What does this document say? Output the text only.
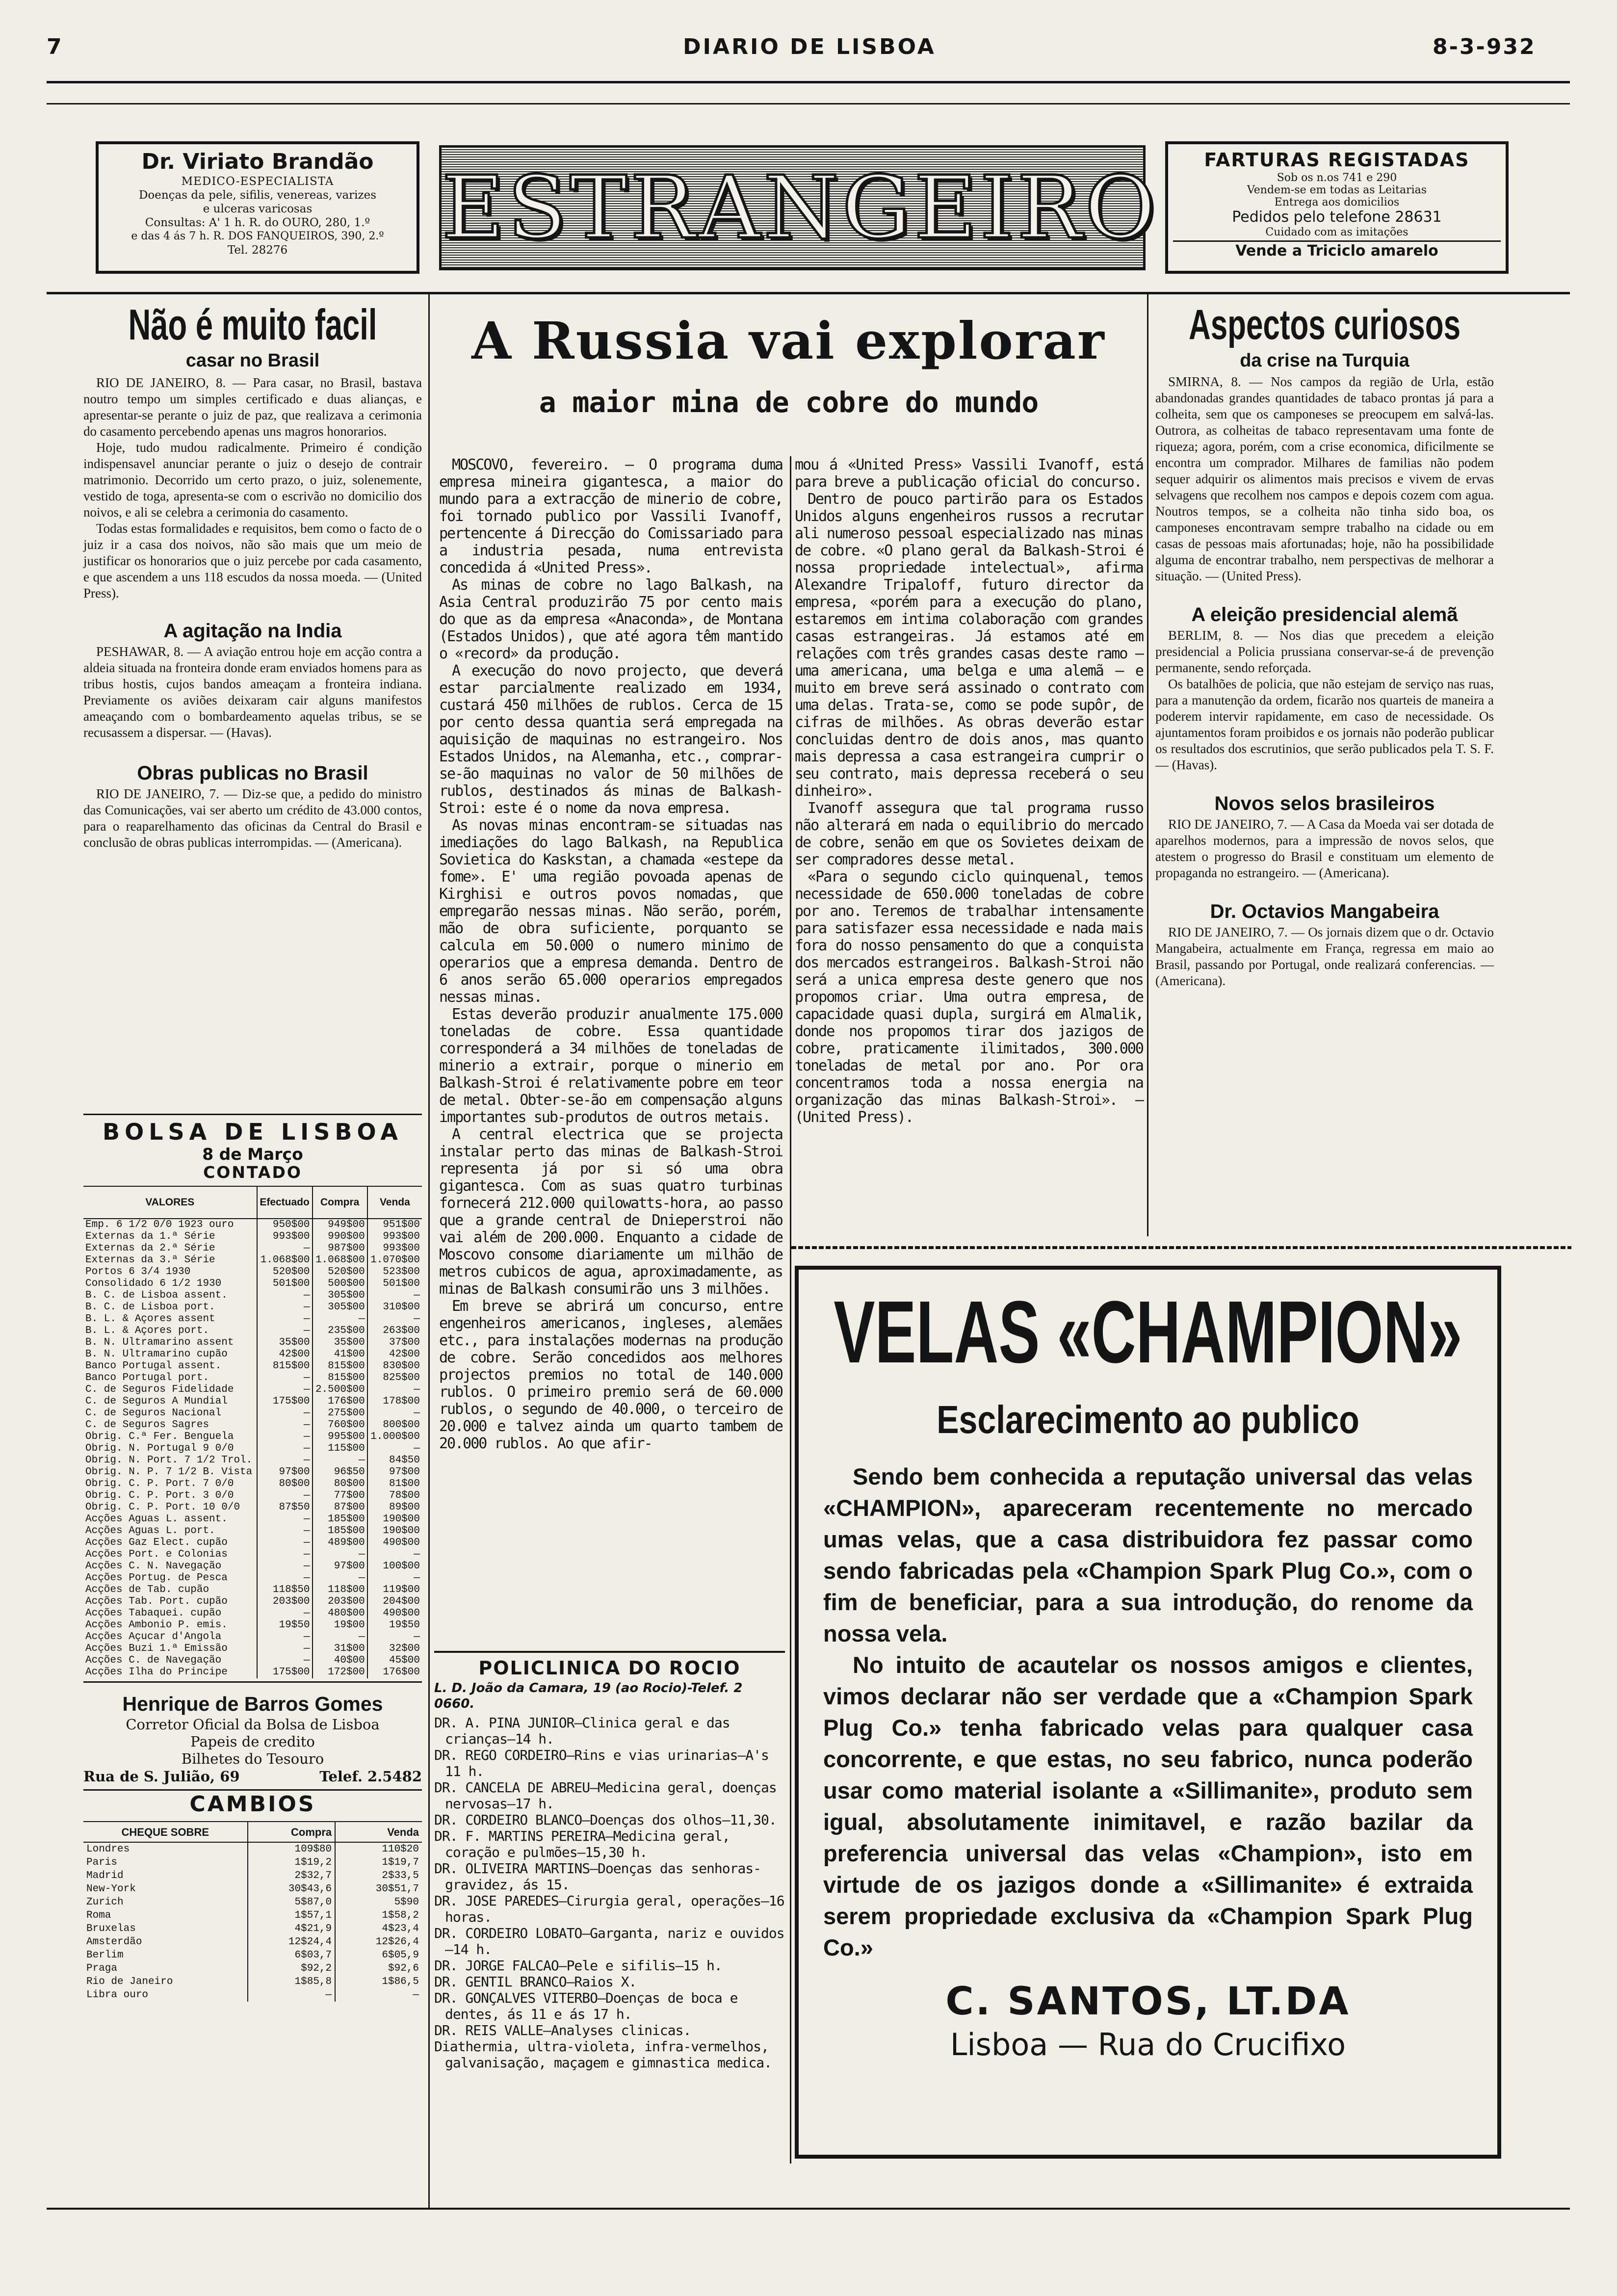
7	DIARIO DE LISBOA	8-3-932
Dr. Viriato Brandão
MEDICO-ESPECIALISTA
Doenças da pele, sifilis, venereas, varizes
e ulceras varicosas
Consultas: A' 1 h. R. do OURO, 280, 1.º
e das 4 ás 7 h. R. DOS FANQUEIROS, 390, 2.º
Tel. 28276	ESTRANGEIRO	FARTURAS REGISTADAS
Sob os n.os 741 e 290
Vendem-se em todas as Leitarias
Entrega aos domicilios
Pedidos pelo telefone 28631
Cuidado com as imitações
Vende a Triciclo amarelo
Não é muito facil
casar no Brasil

RIO DE JANEIRO, 8. — Para casar, no Brasil, bastava noutro tempo um simples certificado e duas alianças, e apresentar-se perante o juiz de paz, que realizava a cerimonia do casamento percebendo apenas uns magros honorarios.

Hoje, tudo mudou radicalmente. Primeiro é condição indispensavel anunciar perante o juiz o desejo de contrair matrimonio. Decorrido um certo prazo, o juiz, solenemente, vestido de toga, apresenta-se com o escrivão no domicilio dos noivos, e ali se celebra a cerimonia do casamento.

Todas estas formalidades e requisitos, bem como o facto de o juiz ir a casa dos noivos, não são mais que um meio de justificar os honorarios que o juiz percebe por cada casamento, e que ascendem a uns 118 escudos da nossa moeda. — (United Press).

A agitação na India

PESHAWAR, 8. — A aviação entrou hoje em acção contra a aldeia situada na fronteira donde eram enviados homens para as tribus hostis, cujos bandos ameaçam a fronteira indiana. Previamente os aviões deixaram cair alguns manifestos ameaçando com o bombardeamento aquelas tribus, se se recusassem a dispersar. — (Havas).

Obras publicas no Brasil

RIO DE JANEIRO, 7. — Diz-se que, a pedido do ministro das Comunicações, vai ser aberto um crédito de 43.000 contos, para o reaparelhamento das oficinas da Central do Brasil e conclusão de obras publicas interrompidas. — (Americana).

BOLSA DE LISBOA
8 de Março
CONTADO
VALORES	Efectuado	Compra	Venda
Emp. 6 1/2 0/0 1923 ouro	950$00	949$00	951$00
Externas da 1.ª Série	993$00	990$00	993$00
Externas da 2.ª Série	—	987$00	993$00
Externas da 3.ª Série	1.068$00	1.068$00	1.070$00
Portos 6 3/4 1930	520$00	520$00	523$00
Consolidado 6 1/2 1930	501$00	500$00	501$00
B. C. de Lisboa assent.	—	305$00	—
B. C. de Lisboa port.	—	305$00	310$00
B. L. & Açores assent	—	—	—
B. L. & Açores port.	—	235$00	263$00
B. N. Ultramarino assent	35$00	35$00	37$00
B. N. Ultramarino cupão	42$00	41$00	42$00
Banco Portugal assent.	815$00	815$00	830$00
Banco Portugal port.	—	815$00	825$00
C. de Seguros Fidelidade	—	2.500$00	—
C. de Seguros A Mundial	175$00	176$00	178$00
C. de Seguros Nacional	—	275$00	—
C. de Seguros Sagres	—	760$00	800$00
Obrig. C.ª Fer. Benguela	—	995$00	1.000$00
Obrig. N. Portugal 9 0/0	—	115$00	—
Obrig. N. Port. 7 1/2 Trol.	—	—	84$50
Obrig. N. P. 7 1/2 B. Vista	97$00	96$50	97$00
Obrig. C. P. Port. 7 0/0	80$00	80$00	81$00
Obrig. C. P. Port. 3 0/0	—	77$00	78$00
Obrig. C. P. Port. 10 0/0	87$50	87$00	89$00
Acções Aguas L. assent.	—	185$00	190$00
Acções Aguas L. port.	—	185$00	190$00
Acções Gaz Elect. cupão	—	489$00	490$00
Acções Port. e Colonias	—	—	—
Acções C. N. Navegação	—	97$00	100$00
Acções Portug. de Pesca	—	—	—
Acções de Tab. cupão	118$50	118$00	119$00
Acções Tab. Port. cupão	203$00	203$00	204$00
Acções Tabaquei. cupão	—	480$00	490$00
Acções Ambonio P. emis.	19$50	19$00	19$50
Acções Açucar d'Angola	—	—	—
Acções Buzi 1.ª Emissão	—	31$00	32$00
Acções C. de Navegação	—	40$00	45$00
Acções Ilha do Principe	175$00	172$00	176$00
Henrique de Barros Gomes
Corretor Oficial da Bolsa de Lisboa
Papeis de credito
Bilhetes do Tesouro
Rua de S. Julião, 69	Telef. 2.5482
CAMBIOS
CHEQUE SOBRE	Compra	Venda
Londres	109$80	110$20
Paris	1$19,2	1$19,7
Madrid	2$32,7	2$33,5
New-York	30$43,6	30$51,7
Zurich	5$87,0	5$90
Roma	1$57,1	1$58,2
Bruxelas	4$21,9	4$23,4
Amsterdão	12$24,4	12$26,4
Berlim	6$03,7	6$05,9
Praga	$92,2	$92,6
Rio de Janeiro	1$85,8	1$86,5
Libra ouro	—	—
A Russia vai explorar
a maior mina de cobre do mundo

MOSCOVO, fevereiro. — O programa duma empresa mineira gigantesca, a maior do mundo para a extracção de minerio de cobre, foi tornado publico por Vassili Ivanoff, pertencente á Direcção do Comissariado para a industria pesada, numa entrevista concedida á «United Press».

As minas de cobre no lago Balkash, na Asia Central produzirão 75 por cento mais do que as da empresa «Anaconda», de Montana (Estados Unidos), que até agora têm mantido o «record» da produção.

A execução do novo projecto, que deverá estar parcialmente realizado em 1934, custará 450 milhões de rublos. Cerca de 15 por cento dessa quantia será empregada na aquisição de maquinas no estrangeiro. Nos Estados Unidos, na Alemanha, etc., comprar-se-ão maquinas no valor de 50 milhões de rublos, destinados ás minas de Balkash-Stroi: este é o nome da nova empresa.

As novas minas encontram-se situadas nas imediações do lago Balkash, na Republica Sovietica do Kaskstan, a chamada «estepe da fome». E' uma região povoada apenas de Kirghisi e outros povos nomadas, que empregarão nessas minas. Não serão, porém, mão de obra suficiente, porquanto se calcula em 50.000 o numero minimo de operarios que a empresa demanda. Dentro de 6 anos serão 65.000 operarios empregados nessas minas.

Estas deverão produzir anualmente 175.000 toneladas de cobre. Essa quantidade corresponderá a 34 milhões de toneladas de minerio a extrair, porque o minerio em Balkash-Stroi é relativamente pobre em teor de metal. Obter-se-ão em compensação alguns importantes sub-produtos de outros metais.

A central electrica que se projecta instalar perto das minas de Balkash-Stroi representa já por si só uma obra gigantesca. Com as suas quatro turbinas fornecerá 212.000 quilowatts-hora, ao passo que a grande central de Dnieperstroi não vai além de 200.000. Enquanto a cidade de Moscovo consome diariamente um milhão de metros cubicos de agua, aproximadamente, as minas de Balkash consumirão uns 3 milhões.

Em breve se abrirá um concurso, entre engenheiros americanos, ingleses, alemães etc., para instalações modernas na produção de cobre. Serão concedidos aos melhores projectos premios no total de 140.000 rublos. O primeiro premio será de 60.000 rublos, o segundo de 40.000, o terceiro de 20.000 e talvez ainda um quarto tambem de 20.000 rublos. Ao que afir-

mou á «United Press» Vassili Ivanoff, está para breve a publicação oficial do concurso.

Dentro de pouco partirão para os Estados Unidos alguns engenheiros russos a recrutar ali numeroso pessoal especializado nas minas de cobre. «O plano geral da Balkash-Stroi é nossa propriedade intelectual», afirma Alexandre Tripaloff, futuro director da empresa, «porém para a execução do plano, estaremos em intima colaboração com grandes casas estrangeiras. Já estamos até em relações com três grandes casas deste ramo — uma americana, uma belga e uma alemã — e muito em breve será assinado o contrato com uma delas. Trata-se, como se pode supôr, de cifras de milhões. As obras deverão estar concluidas dentro de dois anos, mas quanto mais depressa a casa estrangeira cumprir o seu contrato, mais depressa receberá o seu dinheiro».

Ivanoff assegura que tal programa russo não alterará em nada o equilibrio do mercado de cobre, senão em que os Sovietes deixam de ser compradores desse metal.

«Para o segundo ciclo quinquenal, temos necessidade de 650.000 toneladas de cobre por ano. Teremos de trabalhar intensamente para satisfazer essa necessidade e nada mais fora do nosso pensamento do que a conquista dos mercados estrangeiros. Balkash-Stroi não será a unica empresa deste genero que nos propomos criar. Uma outra empresa, de capacidade quasi dupla, surgirá em Almalik, donde nos propomos tirar dos jazigos de cobre, praticamente ilimitados, 300.000 toneladas de metal por ano. Por ora concentramos toda a nossa energia na organização das minas Balkash-Stroi». — (United Press).

POLICLINICA DO ROCIO
L. D. João da Camara, 19 (ao Rocio)-Telef. 2 0660.
DR. A. PINA JUNIOR—Clinica geral e das crianças—14 h.
DR. REGO CORDEIRO—Rins e vias urinarias—A's 11 h.
DR. CANCELA DE ABREU—Medicina geral, doenças nervosas—17 h.
DR. CORDEIRO BLANCO—Doenças dos olhos—11,30.
DR. F. MARTINS PEREIRA—Medicina geral, coração e pulmões—15,30 h.
DR. OLIVEIRA MARTINS—Doenças das senhoras-gravidez, ás 15.
DR. JOSE PAREDES—Cirurgia geral, operações—16 horas.
DR. CORDEIRO LOBATO—Garganta, nariz e ouvidos—14 h.
DR. JORGE FALCAO—Pele e sifilis—15 h.
DR. GENTIL BRANCO—Raios X.
DR. GONÇALVES VITERBO—Doenças de boca e dentes, ás 11 e ás 17 h.
DR. REIS VALLE—Analyses clinicas.
Diathermia, ultra-violeta, infra-vermelhos, galvanisação, maçagem e gimnastica medica.
Aspectos curiosos
da crise na Turquia

SMIRNA, 8. — Nos campos da região de Urla, estão abandonadas grandes quantidades de tabaco prontas já para a colheita, sem que os camponeses se preocupem em salvá-las. Outrora, as colheitas de tabaco representavam uma fonte de riqueza; agora, porém, com a crise economica, dificilmente se encontra um comprador. Milhares de familias não podem sequer adquirir os alimentos mais precisos e vivem de ervas selvagens que recolhem nos campos e depois cozem com agua. Noutros tempos, se a colheita não tinha sido boa, os camponeses encontravam sempre trabalho na cidade ou em casas de pessoas mais afortunadas; hoje, não ha possibilidade alguma de encontrar trabalho, nem perspectivas de melhorar a situação. — (United Press).

A eleição presidencial alemã

BERLIM, 8. — Nos dias que precedem a eleição presidencial a Policia prussiana conservar-se-á de prevenção permanente, sendo reforçada.

Os batalhões de policia, que não estejam de serviço nas ruas, para a manutenção da ordem, ficarão nos quarteis de maneira a poderem intervir rapidamente, em caso de necessidade. Os ajuntamentos foram proibidos e os jornais não poderão publicar os resultados dos escrutinios, que serão publicados pela T. S. F. — (Havas).

Novos selos brasileiros

RIO DE JANEIRO, 7. — A Casa da Moeda vai ser dotada de aparelhos modernos, para a impressão de novos selos, que atestem o progresso do Brasil e constituam um elemento de propaganda no estrangeiro. — (Americana).

Dr. Octavios Mangabeira

RIO DE JANEIRO, 7. — Os jornais dizem que o dr. Octavio Mangabeira, actualmente em França, regressa em maio ao Brasil, passando por Portugal, onde realizará conferencias. — (Americana).

VELAS «CHAMPION»
Esclarecimento ao publico
Sendo bem conhecida a reputação universal das velas «CHAMPION», apareceram recentemente no mercado umas velas, que a casa distribuidora fez passar como sendo fabricadas pela «Champion Spark Plug Co.», com o fim de beneficiar, para a sua introdução, do renome da nossa vela.
No intuito de acautelar os nossos amigos e clientes, vimos declarar não ser verdade que a «Champion Spark Plug Co.» tenha fabricado velas para qualquer casa concorrente, e que estas, no seu fabrico, nunca poderão usar como material isolante a «Sillimanite», produto sem igual, absolutamente inimitavel, e razão bazilar da preferencia universal das velas «Champion», isto em virtude de os jazigos donde a «Sillimanite» é extraida serem propriedade exclusiva da «Champion Spark Plug Co.»
C. SANTOS, LT.DA
Lisboa — Rua do Crucifixo
